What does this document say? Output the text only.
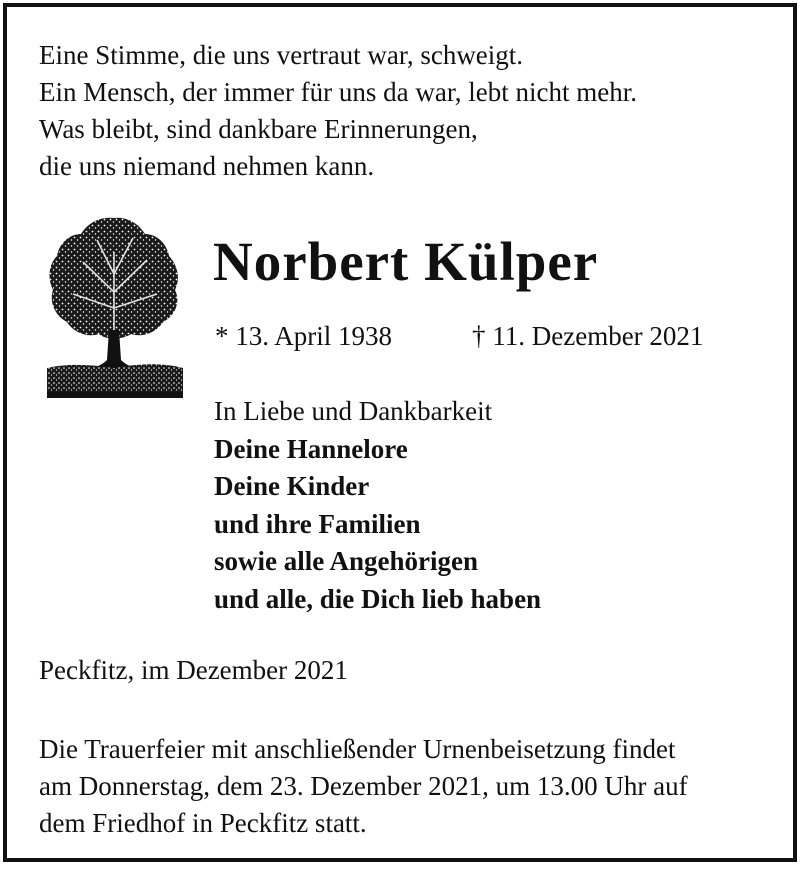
Eine Stimme, die uns vertraut war, schweigt.
Ein Mensch, der immer für uns da war, lebt nicht mehr.
Was bleibt, sind dankbare Erinnerungen,
die uns niemand nehmen kann.
Norbert Külper
* 13. April 1938	† 11. Dezember 2021
In Liebe und Dankbarkeit
Deine Hannelore
Deine Kinder
und ihre Familien
sowie alle Angehörigen
und alle, die Dich lieb haben
Peckfitz, im Dezember 2021
Die Trauerfeier mit anschließender Urnenbeisetzung findet
am Donnerstag, dem 23. Dezember 2021, um 13.00 Uhr auf
dem Friedhof in Peckfitz statt.
